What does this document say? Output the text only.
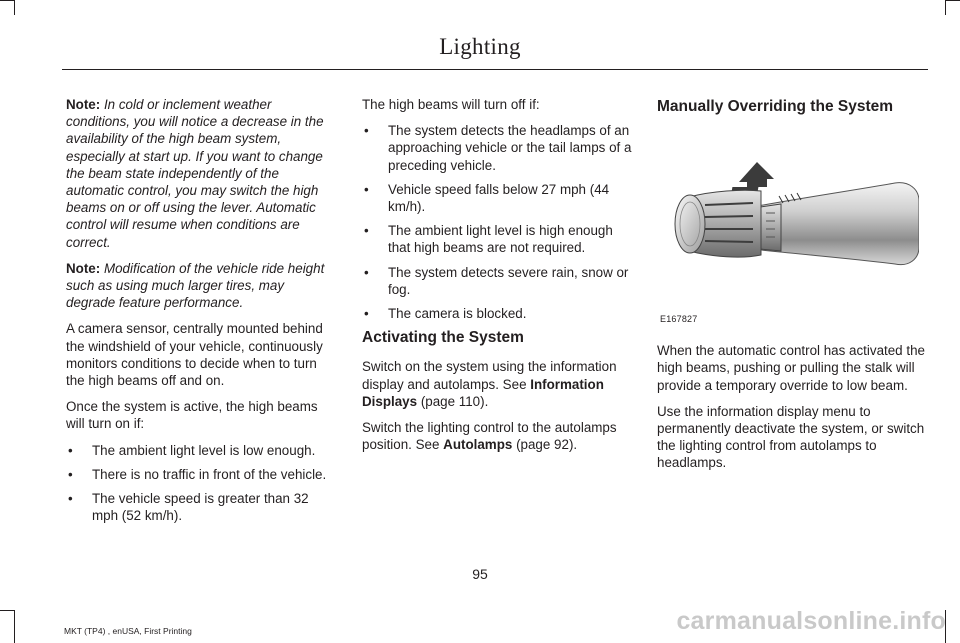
Lighting

Note: In cold or inclement weather conditions, you will notice a decrease in the availability of the high beam system, especially at start up. If you want to change the beam state independently of the automatic control, you may switch the high beams on or off using the lever. Automatic control will resume when conditions are correct.

Note: Modification of the vehicle ride height such as using much larger tires, may degrade feature performance.

A camera sensor, centrally mounted behind the windshield of your vehicle, continuously monitors conditions to decide when to turn the high beams off and on.

Once the system is active, the high beams will turn on if:

• The ambient light level is low enough.
• There is no traffic in front of the vehicle.
• The vehicle speed is greater than 32 mph (52 km/h).

The high beams will turn off if:

• The system detects the headlamps of an approaching vehicle or the tail lamps of a preceding vehicle.
• Vehicle speed falls below 27 mph (44 km/h).
• The ambient light level is high enough that high beams are not required.
• The system detects severe rain, snow or fog.
• The camera is blocked.
Activating the System

Switch on the system using the information display and autolamps. See Information Displays (page 110).

Switch the lighting control to the autolamps position. See Autolamps (page 92).

Manually Overriding the System
E167827

When the automatic control has activated the high beams, pushing or pulling the stalk will provide a temporary override to low beam.

Use the information display menu to permanently deactivate the system, or switch the lighting control from autolamps to headlamps.

95
MKT (TP4) , enUSA, First Printing	carmanualsonline.info
